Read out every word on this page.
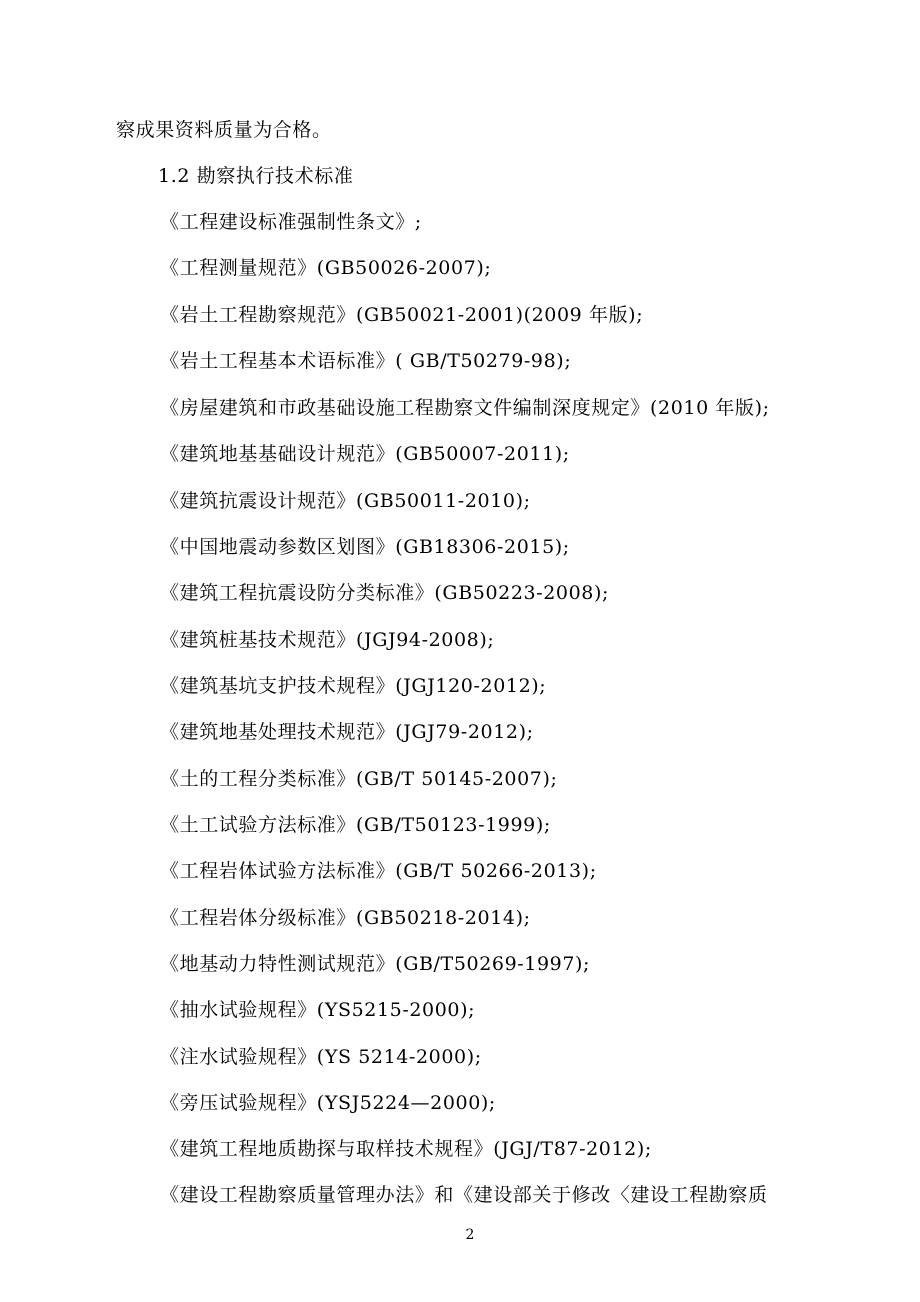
察成果资料质量为合格。
1.2 勘察执行技术标准
《工程建设标准强制性条文》;
《工程测量规范》(GB50026-2007);
《岩土工程勘察规范》(GB50021-2001)(2009 年版);
《岩土工程基本术语标准》( GB/T50279-98);
《房屋建筑和市政基础设施工程勘察文件编制深度规定》(2010 年版);
《建筑地基基础设计规范》(GB50007-2011);
《建筑抗震设计规范》(GB50011-2010);
《中国地震动参数区划图》(GB18306-2015);
《建筑工程抗震设防分类标准》(GB50223-2008);
《建筑桩基技术规范》(JGJ94-2008);
《建筑基坑支护技术规程》(JGJ120-2012);
《建筑地基处理技术规范》(JGJ79-2012);
《土的工程分类标准》(GB/T 50145-2007);
《土工试验方法标准》(GB/T50123-1999);
《工程岩体试验方法标准》(GB/T 50266-2013);
《工程岩体分级标准》(GB50218-2014);
《地基动力特性测试规范》(GB/T50269-1997);
《抽水试验规程》(YS5215-2000);
《注水试验规程》(YS 5214-2000);
《旁压试验规程》(YSJ5224—2000);
《建筑工程地质勘探与取样技术规程》(JGJ/T87-2012);
《建设工程勘察质量管理办法》和《建设部关于修改〈建设工程勘察质
2
